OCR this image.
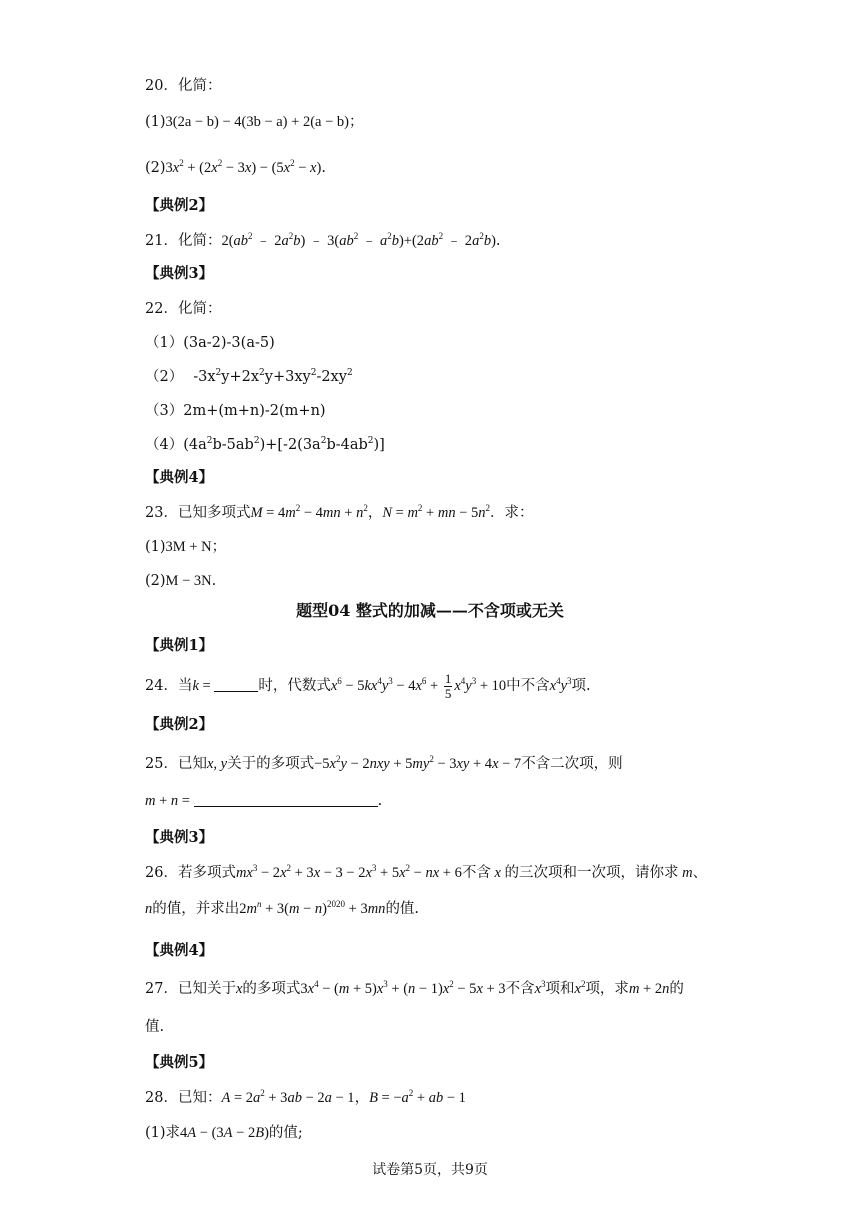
20．化简：
(1)3(2a − b) − 4(3b − a) + 2(a − b)；
$(2)3x^2 + (2x^2 - 3x) - (5x^2 - x)$.
【典例2】
21．化简：$2(ab^2$ ﹣ $2a^2b$) ﹣ $3(ab^2$ ﹣ $a^2b)+(2ab^2$ ﹣ $2a^2b$).
【典例3】
22．化简：
（1）(3a-2)-3(a-5)
（2） $-3x^2y+2x^2y+3xy^2-2xy^2$
（3）2m+(m+n)-2(m+n)
$(4)(4a^2b-5ab^2)+[-2(3a^2b-4ab^2)]$
【典例4】
23．已知多项式$M = 4m^2 - 4mn + n^2$，$N = m^2$ + mn − $5n^2$．求：
(1)3M + N；
(2)M − 3N.
题型04 整式的加减——不含项或无关
【典例1】
24．当k =	时，代数式$x^6 - 5kx^4y^3 - 4x^6 + \frac{1}{5} x^4y^3 + 10$中不含$x^4y^3$项.
【典例2】
25．已知x, y关于的多项式$-5x^2y - 2nxy + 5my^2 - 3xy + 4x - 7$不含二次项，则
m + n =	.
【典例3】
26．若多项式$mx^3 - 2x^2 + 3x - 3 - 2x^3 + 5x^2$ − nx + 6不含 x 的三次项和一次项，请你求 m、
n的值，并求出$2m^n + 3(m - n)^{2020} + 3mn$的值.
【典例4】
27．已知关于x的多项式$3x^4 - (m + 5)x^3 + (n - 1)x^2 - 5x + 3$不含$x^3$项和$x^2$项，求m + 2n的
值.
【典例5】
28．已知：$A = 2a^2 + 3ab - 2a - 1$，$B = -a^2$ + ab − 1
(1)求4A − (3A − 2B)的值;
试卷第5页，共9页
